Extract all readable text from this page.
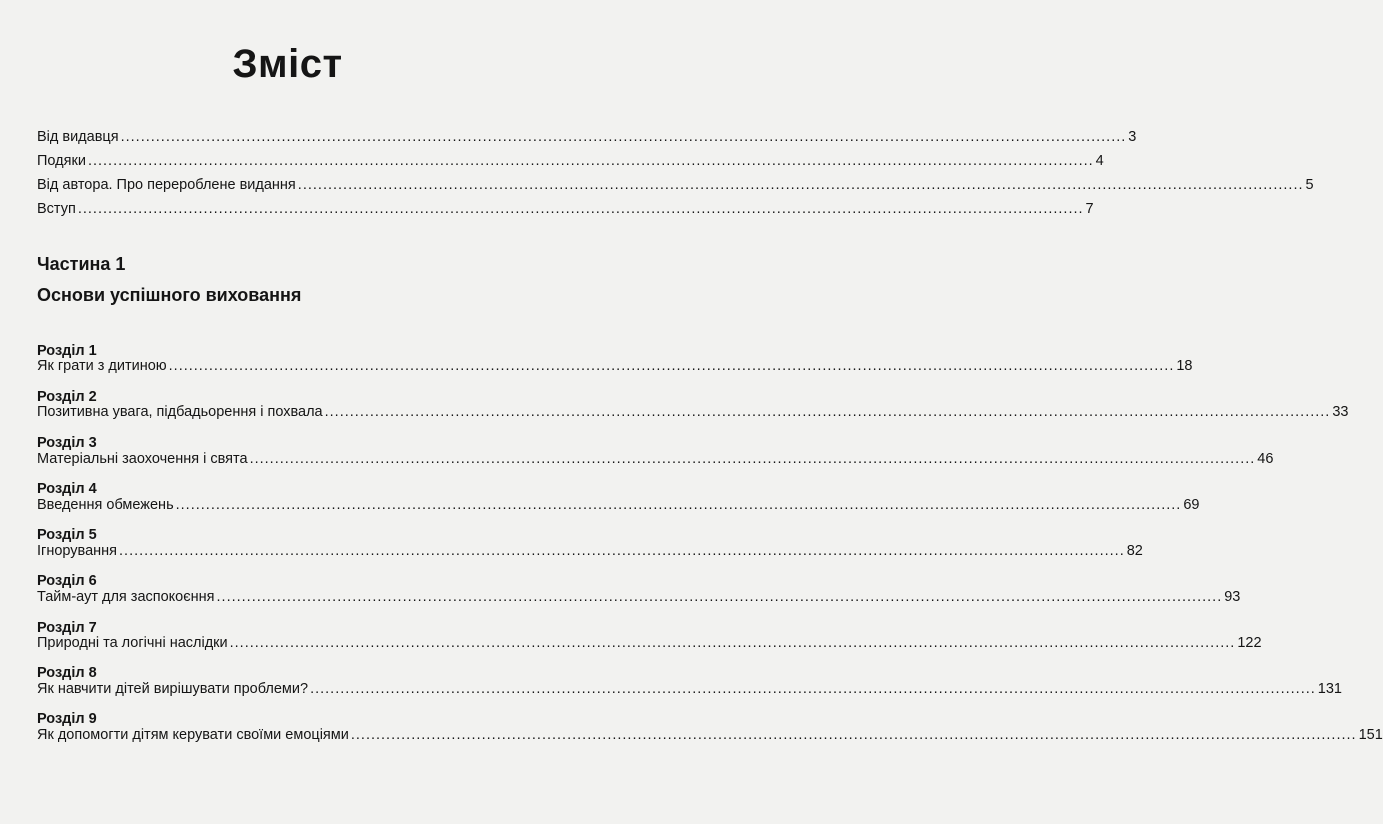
Зміст
Від видавця ........................................................................................................................................................................................................ 3
Подяки ........................................................................................................................................................................................................ 4
Від автора. Про перероблене видання ........................................................................................................................................................................................................ 5
Вступ ........................................................................................................................................................................................................ 7
Частина 1
Основи успішного виховання
Розділ 1
Як грати з дитиною ........................................................................................................................................................................................................ 18
Розділ 2
Позитивна увага, підбадьорення і похвала ........................................................................................................................................................................................................ 33
Розділ 3
Матеріальні заохочення і свята ........................................................................................................................................................................................................ 46
Розділ 4
Введення обмежень ........................................................................................................................................................................................................ 69
Розділ 5
Ігнорування ........................................................................................................................................................................................................ 82
Розділ 6
Тайм-аут для заспокоєння ........................................................................................................................................................................................................ 93
Розділ 7
Природні та логічні наслідки ........................................................................................................................................................................................................ 122
Розділ 8
Як навчити дітей вирішувати проблеми? ........................................................................................................................................................................................................ 131
Розділ 9
Як допомогти дітям керувати своїми емоціями ........................................................................................................................................................................................................ 151
